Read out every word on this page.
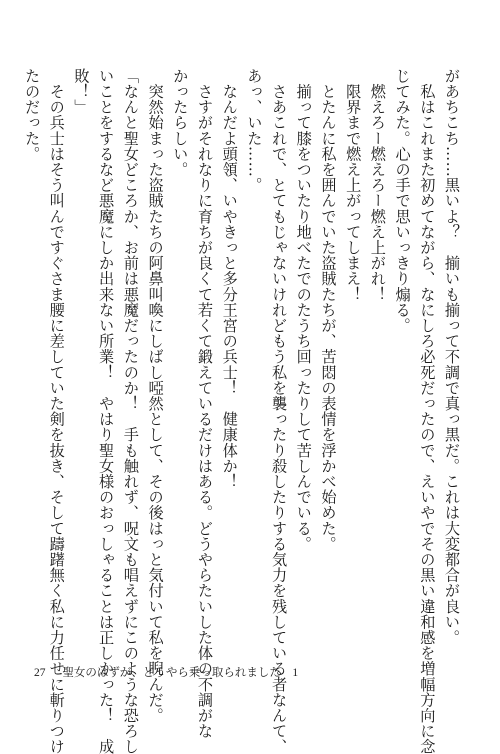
があちこち……黒いよ？　揃いも揃って不調で真っ黒だ。これは大変都合が良い。
　私はこれまた初めてながら、なにしろ必死だったので、えいやでその黒い違和感を増幅方向に念
じてみた。心の手で思いっきり煽る。
　燃えろー燃えろー燃え上がれ！
　限界まで燃え上がってしまえ！
　とたんに私を囲んでいた盗賊たちが、苦悶の表情を浮かべ始めた。
　揃って膝をついたり地べたでのたうち回ったりして苦しんでいる。
　さあこれで、とてもじゃないけれどもう私を襲ったり殺したりする気力を残している者なんて、
あっ、いた……。
　なんだよ頭領、いやきっと多分王宮の兵士！　健康体か！
　さすがそれなりに育ちが良くて若くて鍛えているだけはある。どうやらたいした体の不調がな
かったらしい。
　突然始まった盗賊たちの阿鼻叫喚にしばし啞然として、その後はっと気付いて私を睨んだ。
「なんと聖女どころか、お前は悪魔だったのか！　手も触れず、呪文も唱えずにこのような恐ろし
いことをするなど悪魔にしか出来ない所業！　やはり聖女様のおっしゃることは正しかった！　成
敗！」
　その兵士はそう叫んですぐさま腰に差していた剣を抜き、そして躊躇無く私に力任せに斬りつけ
たのだった。
27 聖女のはずが、どうやら乗っ取られました　1
